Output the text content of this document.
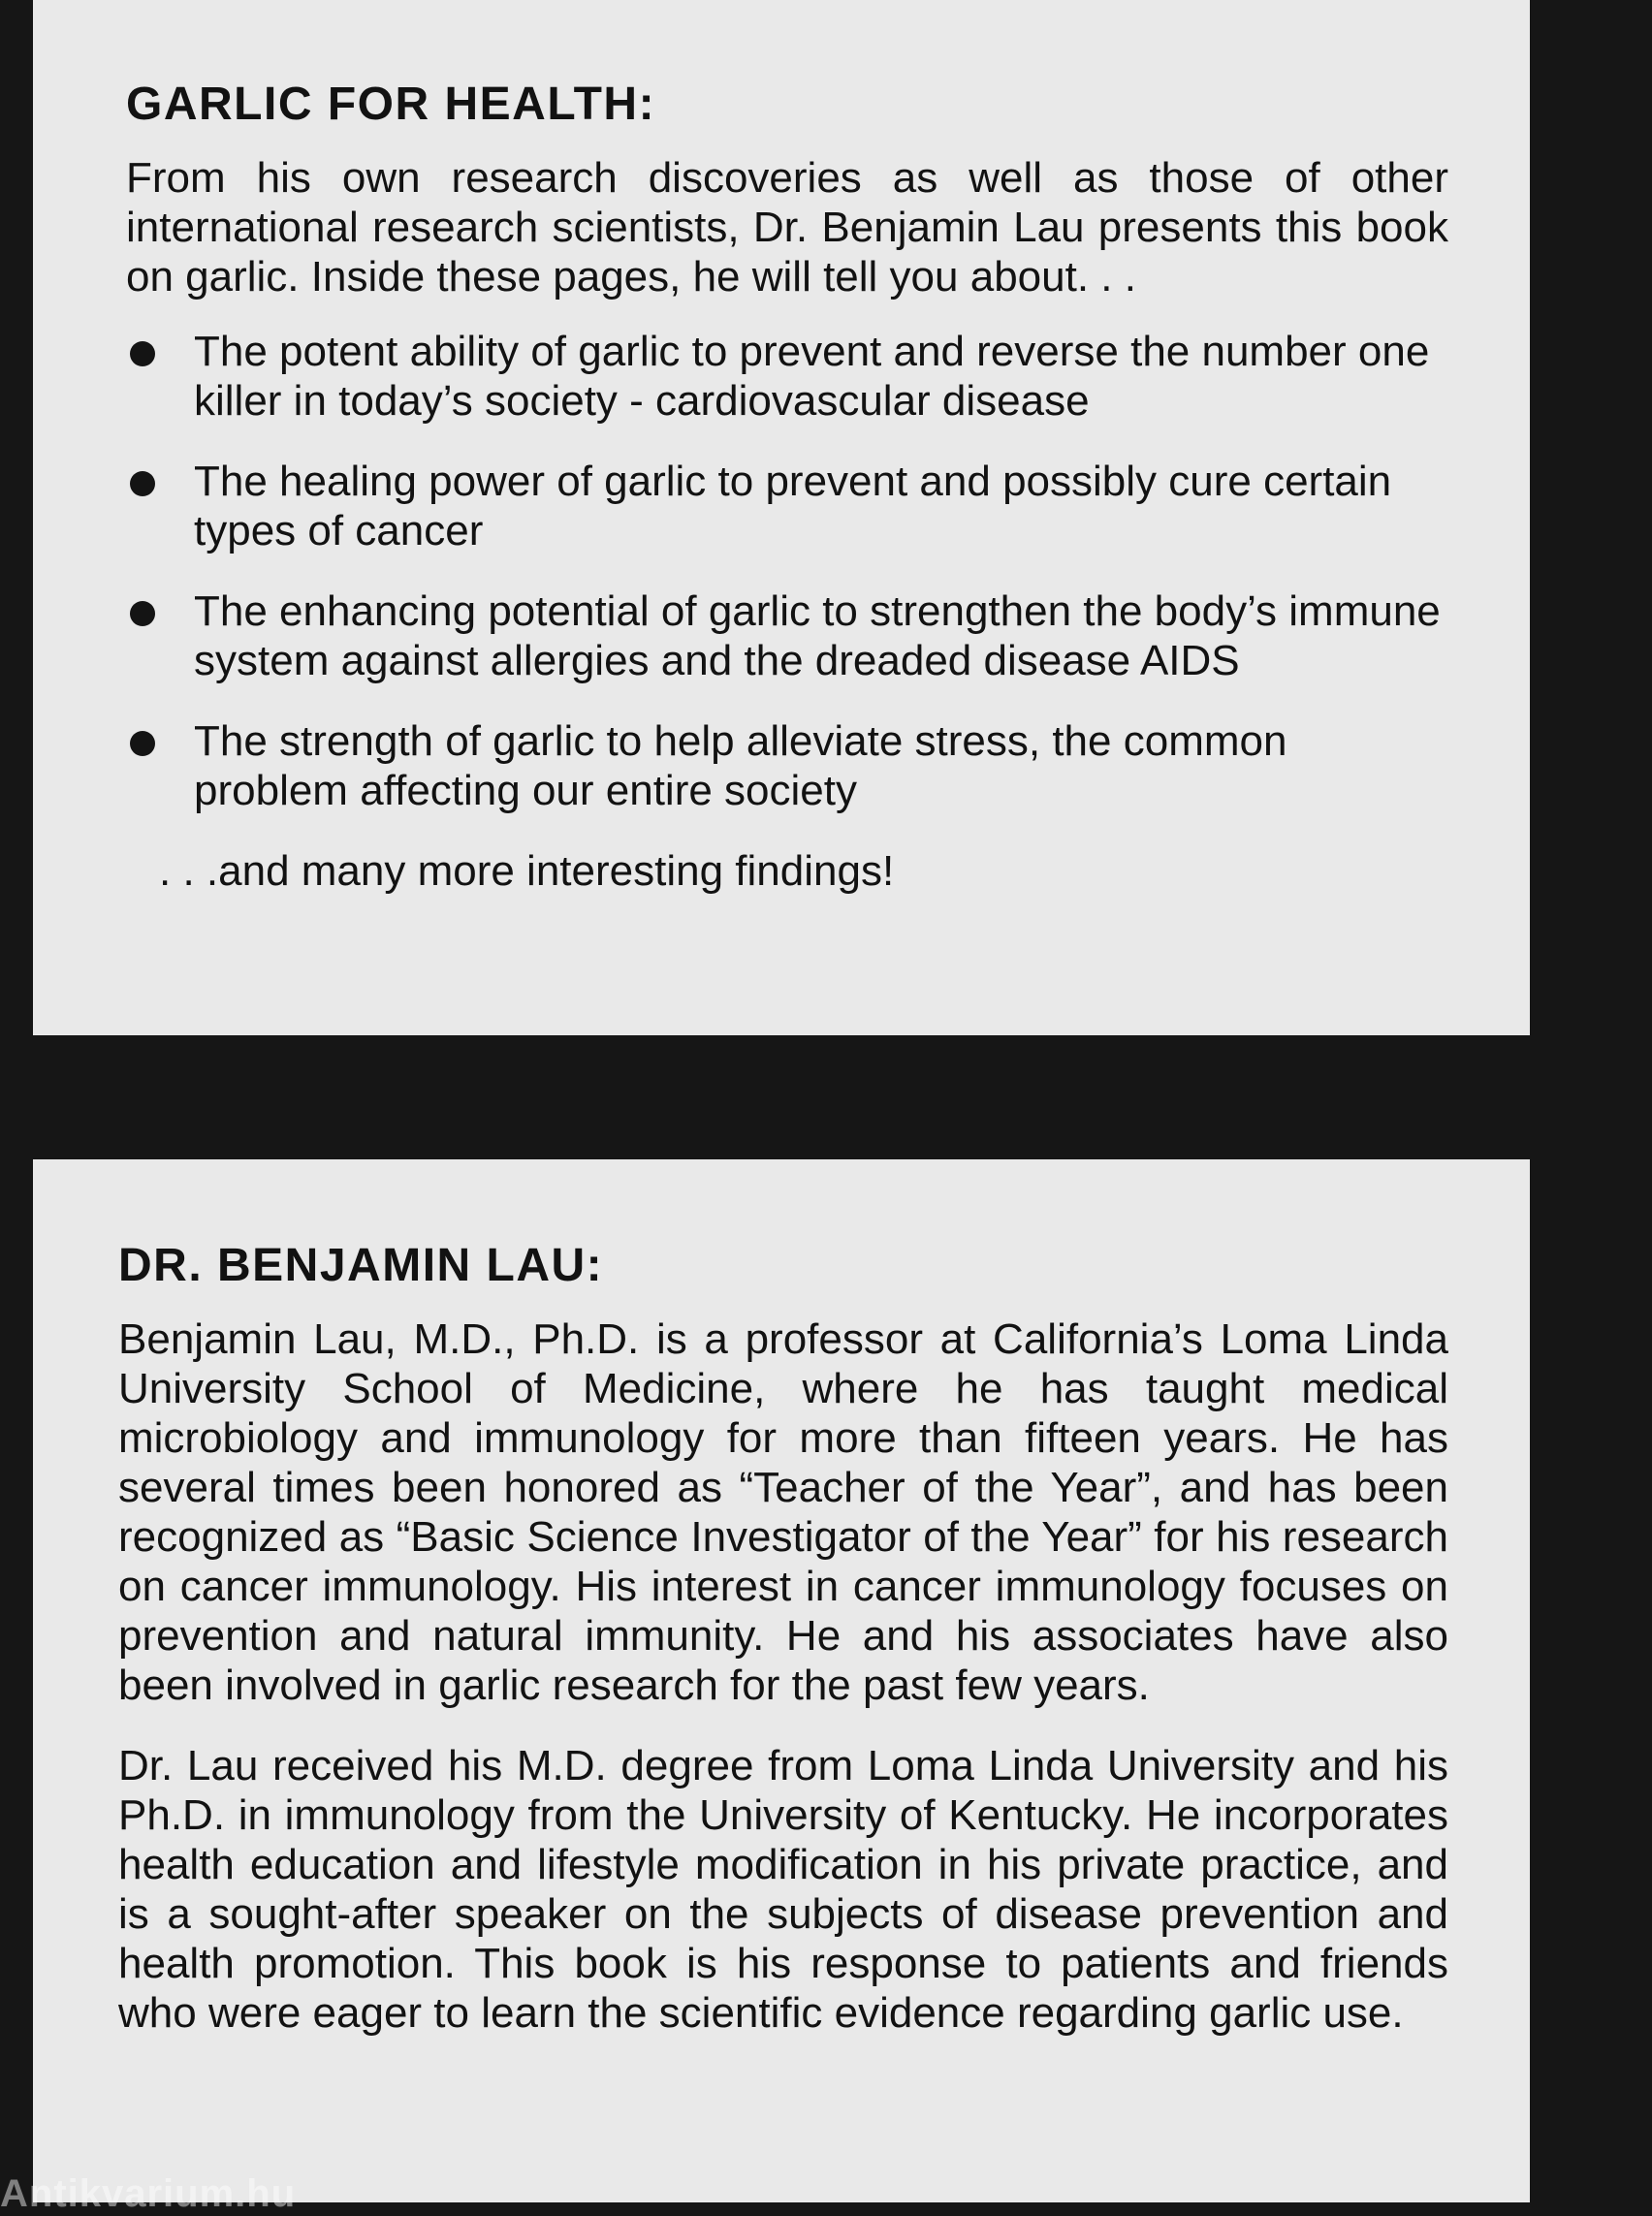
GARLIC FOR HEALTH:

From his own research discoveries as well as those of other international research scientists, Dr. Benjamin Lau presents this book on garlic. Inside these pages, he will tell you about. . .

The potent ability of garlic to prevent and reverse the number one killer in today’s society - cardiovascular disease
The healing power of garlic to prevent and possibly cure certain types of cancer
The enhancing potential of garlic to strengthen the body’s immune system against allergies and the dreaded disease AIDS
The strength of garlic to help alleviate stress, the common problem affecting our entire society
. . .and many more interesting findings!
DR. BENJAMIN LAU:

Benjamin Lau, M.D., Ph.D. is a professor at California’s Loma Linda University School of Medicine, where he has taught medical microbiology and immunology for more than fifteen years. He has several times been honored as “Teacher of the Year”, and has been recognized as “Basic Science Investigator of the Year” for his research on cancer immunology. His interest in cancer immunology focuses on prevention and natural immunity. He and his associates have also been involved in garlic research for the past few years.

Dr. Lau received his M.D. degree from Loma Linda University and his Ph.D. in immunology from the University of Kentucky. He incorporates health education and lifestyle modification in his private practice, and is a sought-after speaker on the subjects of disease prevention and health promotion. This book is his response to patients and friends who were eager to learn the scientific evidence regarding garlic use.

Antikvarium.hu
